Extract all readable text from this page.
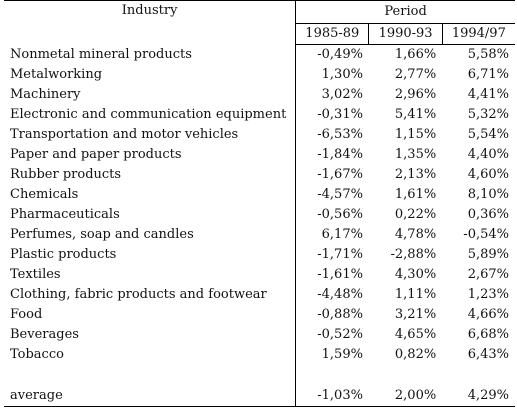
Industry	Period		
	1985-89	1990-93	1994/97
Nonmetal mineral products	-0,49%	1,66%	5,58%
Metalworking	1,30%	2,77%	6,71%
Machinery	3,02%	2,96%	4,41%
Electronic and communication equipment	-0,31%	5,41%	5,32%
Transportation and motor vehicles	-6,53%	1,15%	5,54%
Paper and paper products	-1,84%	1,35%	4,40%
Rubber products	-1,67%	2,13%	4,60%
Chemicals	-4,57%	1,61%	8,10%
Pharmaceuticals	-0,56%	0,22%	0,36%
Perfumes, soap and candles	6,17%	4,78%	-0,54%
Plastic products	-1,71%	-2,88%	5,89%
Textiles	-1,61%	4,30%	2,67%
Clothing, fabric products and footwear	-4,48%	1,11%	1,23%
Food	-0,88%	3,21%	4,66%
Beverages	-0,52%	4,65%	6,68%
Tobacco	1,59%	0,82%	6,43%

average	-1,03%	2,00%	4,29%
